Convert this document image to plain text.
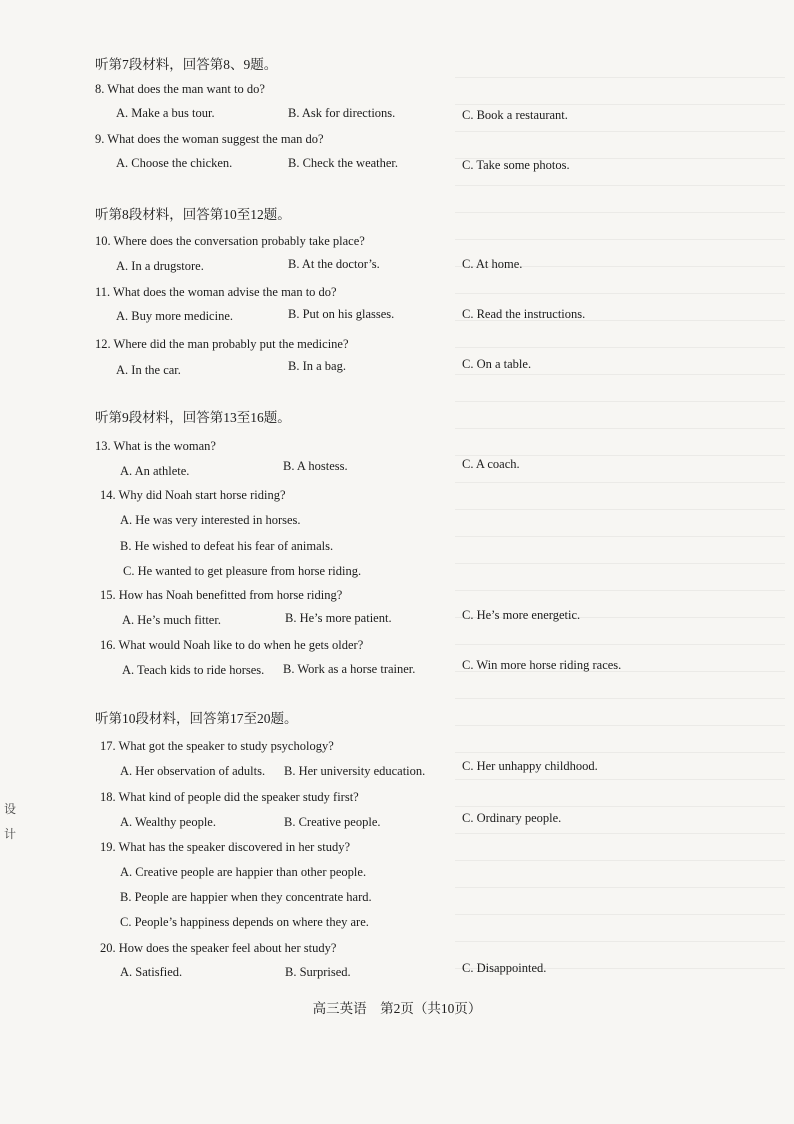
听第7段材料，回答第8、9题。
8. What does the man want to do?
A. Make a bus tour.	B. Ask for directions.	C. Book a restaurant.
9. What does the woman suggest the man do?
A. Choose the chicken.	B. Check the weather.	C. Take some photos.
听第8段材料，回答第10至12题。
10. Where does the conversation probably take place?
A. In a drugstore.	B. At the doctor’s.	C. At home.
11. What does the woman advise the man to do?
A. Buy more medicine.	B. Put on his glasses.	C. Read the instructions.
12. Where did the man probably put the medicine?
A. In the car.	B. In a bag.	C. On a table.
听第9段材料，回答第13至16题。
13. What is the woman?
A. An athlete.	B. A hostess.	C. A coach.
14. Why did Noah start horse riding?
A. He was very interested in horses.
B. He wished to defeat his fear of animals.
C. He wanted to get pleasure from horse riding.
15. How has Noah benefitted from horse riding?
A. He’s much fitter.	B. He’s more patient.	C. He’s more energetic.
16. What would Noah like to do when he gets older?
A. Teach kids to ride horses. B. Work as a horse trainer.	C. Win more horse riding races.
听第10段材料，回答第17至20题。
17. What got the speaker to study psychology?
A. Her observation of adults. B. Her university education.	C. Her unhappy childhood.
18. What kind of people did the speaker study first?
A. Wealthy people.	B. Creative people.	C. Ordinary people.
19. What has the speaker discovered in her study?
A. Creative people are happier than other people.
B. People are happier when they concentrate hard.
C. People’s happiness depends on where they are.
20. How does the speaker feel about her study?
A. Satisfied.	B. Surprised.	C. Disappointed.
设
计
高三英语　第2页（共10页）
